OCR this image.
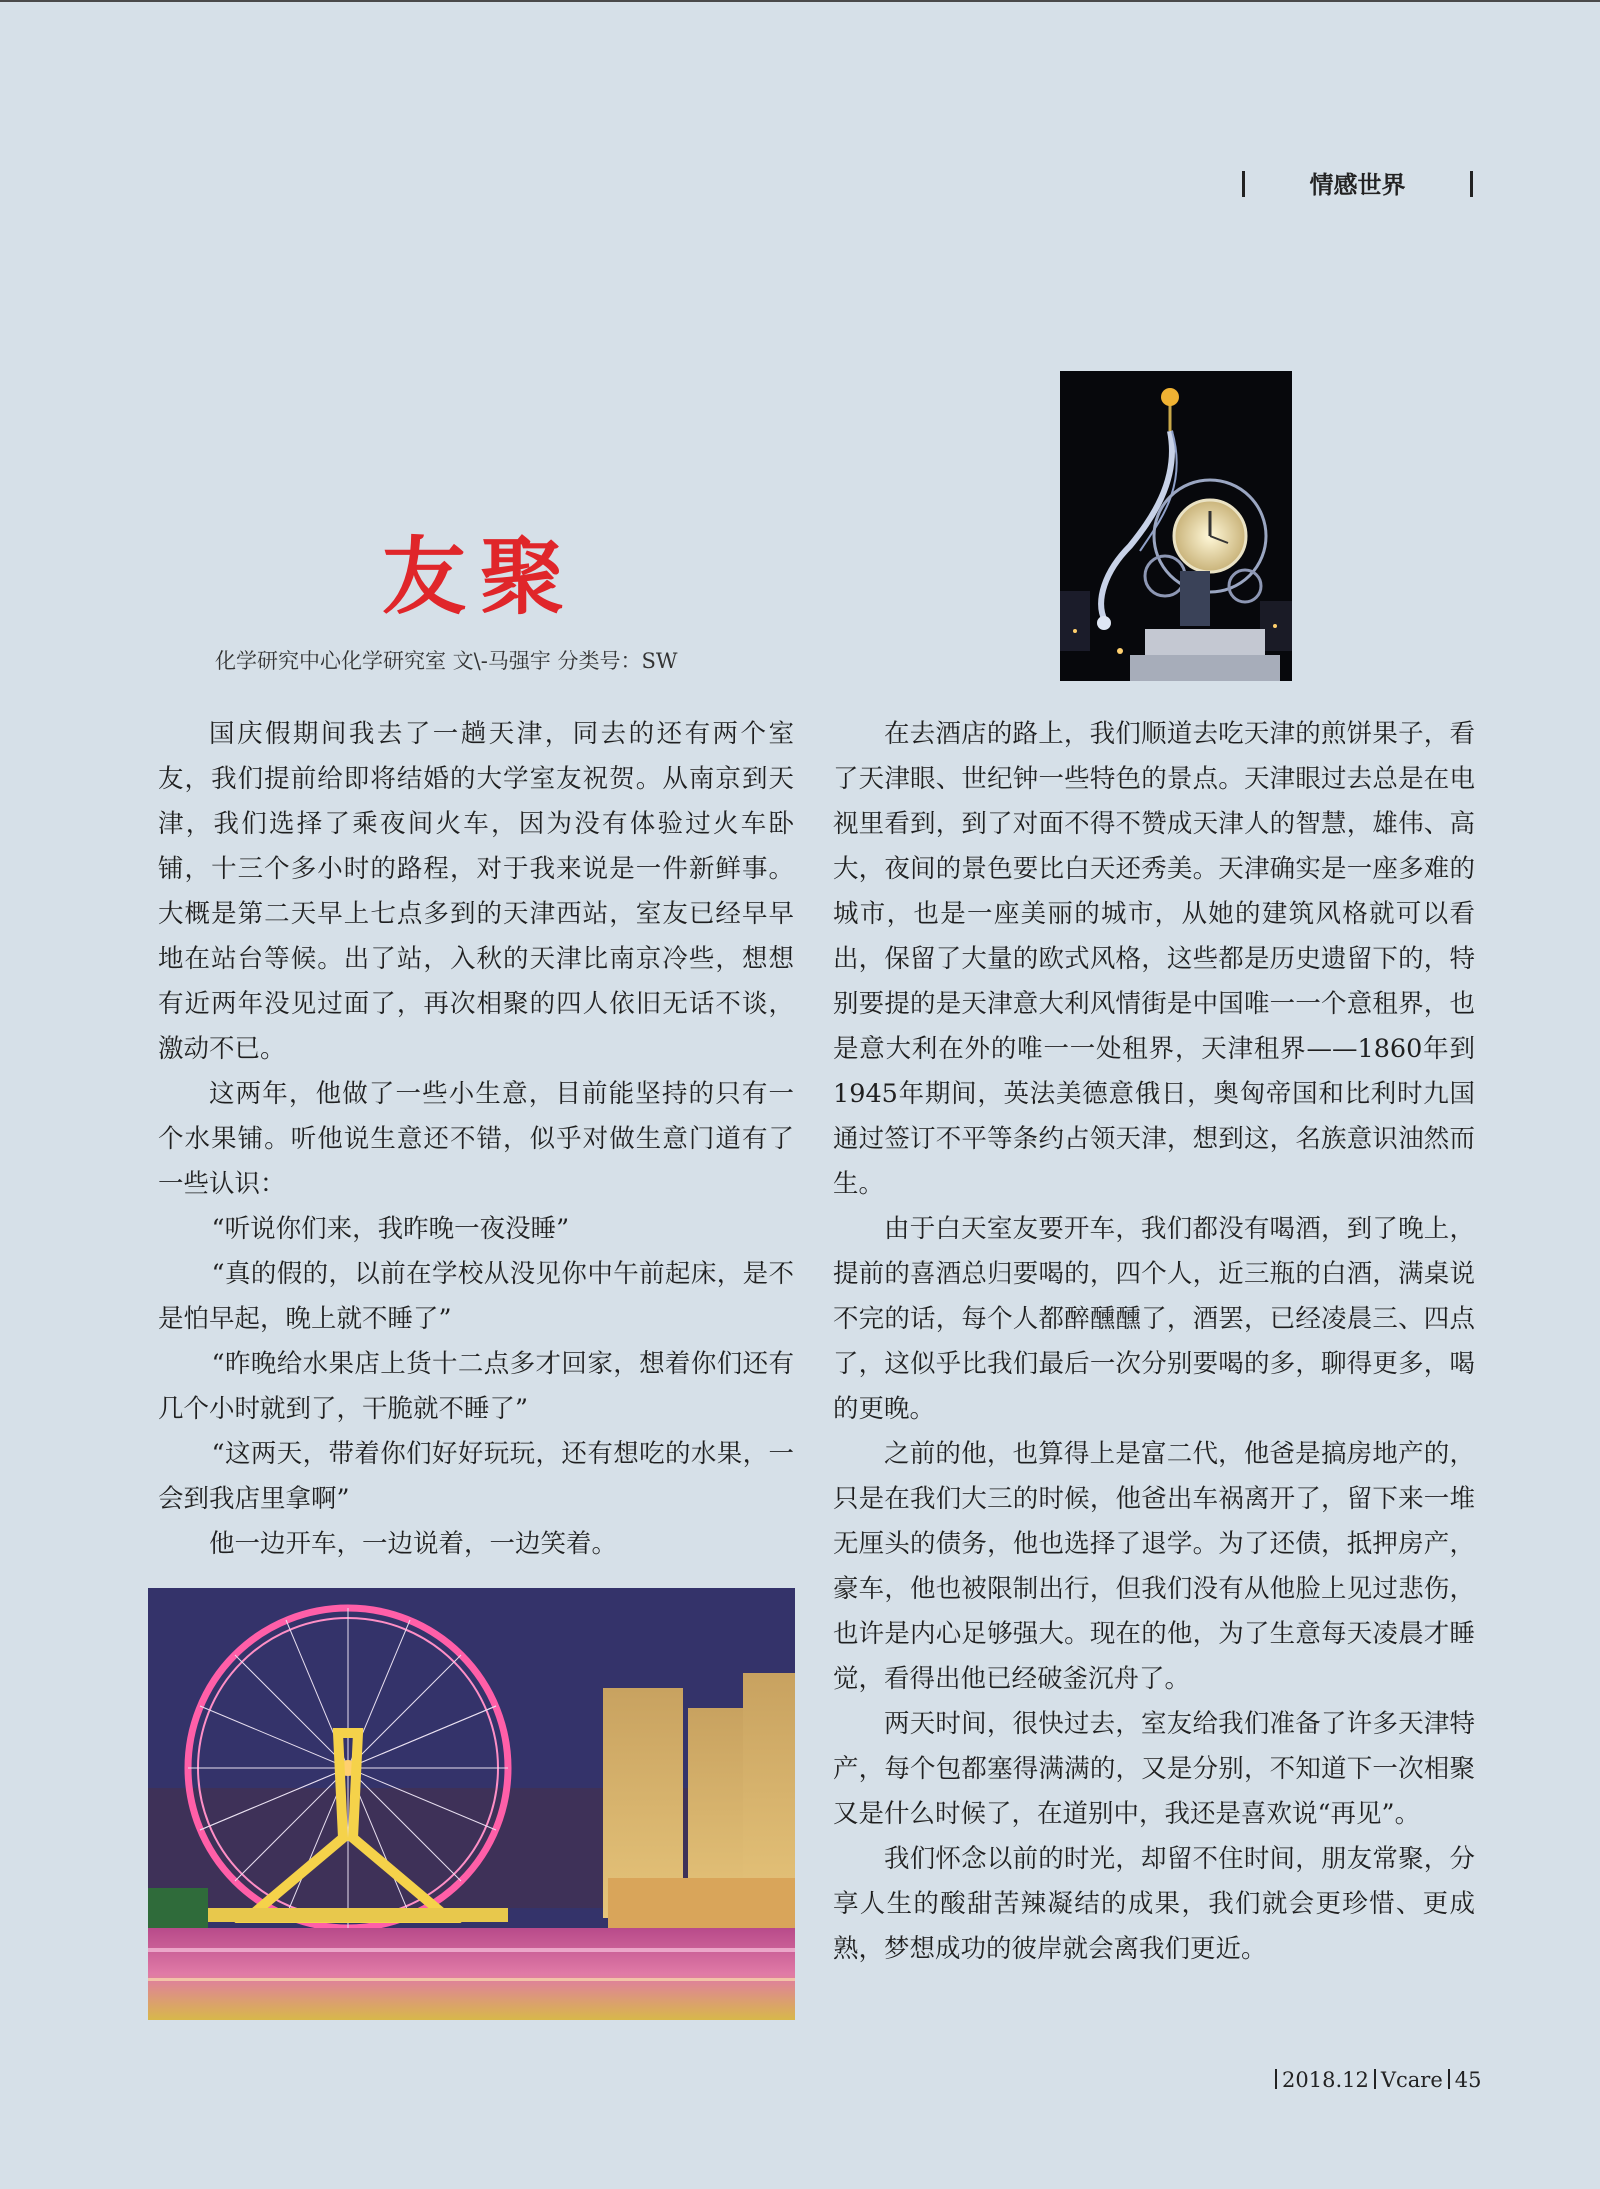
情感世界
友聚
化学研究中心化学研究室 文\-马强宇 分类号：SW

国庆假期间我去了一趟天津，同去的还有两个室友，我们提前给即将结婚的大学室友祝贺。从南京到天津，我们选择了乘夜间火车，因为没有体验过火车卧铺，十三个多小时的路程，对于我来说是一件新鲜事。大概是第二天早上七点多到的天津西站，室友已经早早地在站台等候。出了站，入秋的天津比南京冷些，想想有近两年没见过面了，再次相聚的四人依旧无话不谈，激动不已。

这两年，他做了一些小生意，目前能坚持的只有一个水果铺。听他说生意还不错，似乎对做生意门道有了一些认识：

“听说你们来，我昨晚一夜没睡”

“真的假的，以前在学校从没见你中午前起床，是不是怕早起，晚上就不睡了”

“昨晚给水果店上货十二点多才回家，想着你们还有几个小时就到了，干脆就不睡了”

“这两天，带着你们好好玩玩，还有想吃的水果，一会到我店里拿啊”

他一边开车，一边说着，一边笑着。

在去酒店的路上，我们顺道去吃天津的煎饼果子，看了天津眼、世纪钟一些特色的景点。天津眼过去总是在电视里看到，到了对面不得不赞成天津人的智慧，雄伟、高大，夜间的景色要比白天还秀美。天津确实是一座多难的城市，也是一座美丽的城市，从她的建筑风格就可以看出，保留了大量的欧式风格，这些都是历史遗留下的，特别要提的是天津意大利风情街是中国唯一一个意租界，也是意大利在外的唯一一处租界，天津租界——1860年到1945年期间，英法美德意俄日，奥匈帝国和比利时九国通过签订不平等条约占领天津，想到这，名族意识油然而生。

由于白天室友要开车，我们都没有喝酒，到了晚上，提前的喜酒总归要喝的，四个人，近三瓶的白酒，满桌说不完的话，每个人都醉醺醺了，酒罢，已经凌晨三、四点了，这似乎比我们最后一次分别要喝的多，聊得更多，喝的更晚。

之前的他，也算得上是富二代，他爸是搞房地产的，只是在我们大三的时候，他爸出车祸离开了，留下来一堆无厘头的债务，他也选择了退学。为了还债，抵押房产，豪车，他也被限制出行，但我们没有从他脸上见过悲伤，也许是内心足够强大。现在的他，为了生意每天凌晨才睡觉，看得出他已经破釜沉舟了。

两天时间，很快过去，室友给我们准备了许多天津特产，每个包都塞得满满的，又是分别，不知道下一次相聚又是什么时候了，在道别中，我还是喜欢说“再见”。

我们怀念以前的时光，却留不住时间，朋友常聚，分享人生的酸甜苦辣凝结的成果，我们就会更珍惜、更成熟，梦想成功的彼岸就会离我们更近。

2018.12 Vcare 45
